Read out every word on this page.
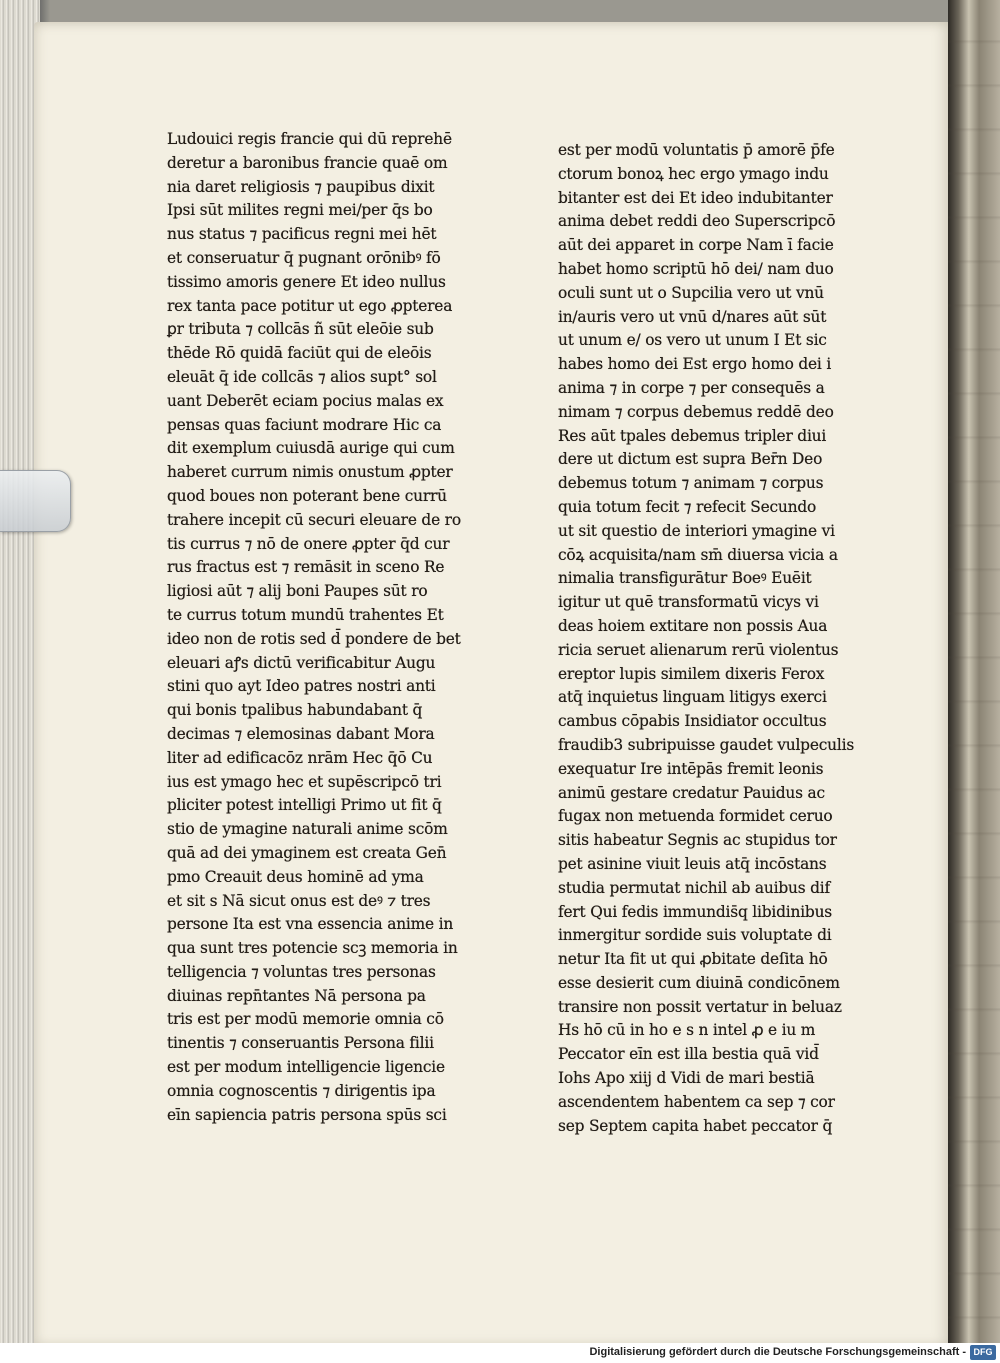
Ludouici regis francie qui dū reprehē
deretur a baronibus francie quaē om
nia daret religiosis ⁊ paupibus dixit
Ipsi sūt milites regni mei/per q̄s bo
nus status ⁊ pacificus regni mei hēt
et conseruatur q̄ pugnant orōnibꝰ fō
tissimo amoris genere Et ideo nullus
rex tanta pace potitur ut ego ꝓpterea
ꝑr tributa ⁊ collcās ñ sūt eleōie sub
thēde Rō quidā faciūt qui de eleōis
eleuāt q̄ ide collcās ⁊ alios supt° sol
uant Deberēt eciam pocius malas ex
pensas quas faciunt modrare Hic ca
dit exemplum cuiusdā aurige qui cum
haberet currum nimis onustum ꝓpter
quod boues non poterant bene currū
trahere incepit cū securi eleuare de ro
tis currus ⁊ nō de onere ꝓpter q̄d cur
rus fractus est ⁊ remāsit in sceno Re
ligiosi aūt ⁊ alij boni Paupes sūt ro
te currus totum mundū trahentes Et
ideo non de rotis sed d̄ pondere de bet
eleuari aꝭs dictū verificabitur Augu
stini quo ayt Ideo patres nostri anti
qui bonis tpalibus habundabant q̄
decimas ⁊ elemosinas dabant Mora
liter ad edificacōz nrām Hec q̄ō Cu
ius est ymago hec et supēscripcō tri
pliciter potest intelligi Primo ut fit q̄
stio de ymagine naturali anime scōm
quā ad dei ymaginem est creata Gen̄
pmo Creauit deus hominē ad yma
et sit s Nā sicut onus est deꝰ ⁊ tres
persone Ita est vna essencia anime in
qua sunt tres potencie scꝫ memoria in
telligencia ⁊ voluntas tres personas
diuinas repn̄tantes Nā persona pa
tris est per modū memorie omnia cō
tinentis ⁊ conseruantis Persona filii
est per modum intelligencie ligencie
omnia cognoscentis ⁊ dirigentis ipa
eīn sapiencia patris persona spūs sci
est per modū voluntatis p̄ amorē p̄fe
ctorum bonoꝝ hec ergo ymago indu
bitanter est dei Et ideo indubitanter
anima debet reddi deo Superscripcō
aūt dei apparet in corpe Nam ī facie
habet homo scriptū hō dei/ nam duo
oculi sunt ut o Supcilia vero ut vnū
in/auris vero ut vnū d/nares aūt sūt
ut unum e/ os vero ut unum I Et sic
habes homo dei Est ergo homo dei i
anima ⁊ in corpe ⁊ per consequēs a
nimam ⁊ corpus debemus reddē deo
Res aūt tpales debemus tripler diui
dere ut dictum est supra Ber̄n Deo
debemus totum ⁊ animam ⁊ corpus
quia totum fecit ⁊ refecit Secundo
ut sit questio de interiori ymagine vi
cōꝝ acquisita/nam sm̄ diuersa vicia a
nimalia transfigurātur Boeꝰ Euēit
igitur ut quē transformatū vicys vi
deas hoiem extitare non possis Aua
ricia seruet alienarum rerū violentus
ereptor lupis similem dixeris Ferox
atq̄ inquietus linguam litigys exerci
cambus cōpabis Insidiator occultus
fraudib3 subripuisse gaudet vulpeculis
exequatur Ire intēpās fremit leonis
animū gestare credatur Pauidus ac
fugax non metuenda formidet ceruo
sitis habeatur Segnis ac stupidus tor
pet asinine viuit leuis atq̄ incōstans
studia permutat nichil ab auibus dif
fert Qui fedis immundis̄q libidinibus
inmergitur sordide suis voluptate di
netur Ita fit ut qui ꝓbitate deſita hō
esse desierit cum diuinā condicōnem
transire non possit vertatur in beluaz
Hs hō cū in ho e s n intel ꝓ e iu m
Peccator eīn est illa bestia quā vid̄
Iohs Apo xiij d Vidi de mari bestiā
ascendentem habentem ca sep ⁊ cor
sep Septem capita habet peccator q̄
Digitalisierung gefördert durch die Deutsche Forschungsgemeinschaft - DFG
